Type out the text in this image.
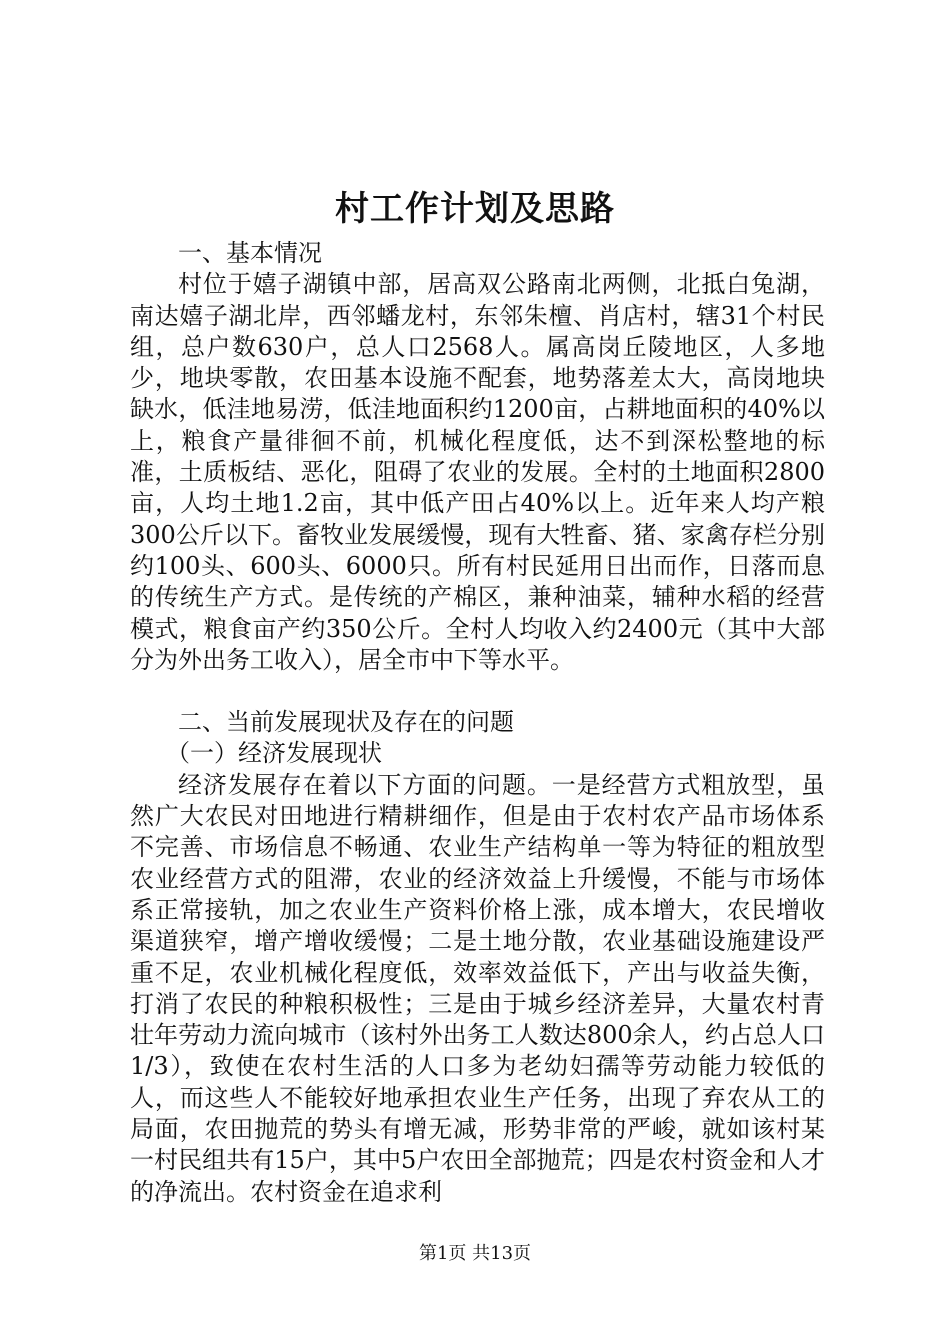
村工作计划及思路

一、基本情况

村位于嬉子湖镇中部，居高双公路南北两侧，北抵白兔湖，南达嬉子湖北岸，西邻蟠龙村，东邻朱檀、肖店村，辖31个村民组，总户数630户，总人口2568人。属高岗丘陵地区，人多地少，地块零散，农田基本设施不配套，地势落差太大，高岗地块缺水，低洼地易涝，低洼地面积约1200亩，占耕地面积的40%以上，粮食产量徘徊不前，机械化程度低，达不到深松整地的标准，土质板结、恶化，阻碍了农业的发展。全村的土地面积2800亩，人均土地1.2亩，其中低产田占40%以上。近年来人均产粮300公斤以下。畜牧业发展缓慢，现有大牲畜、猪、家禽存栏分别约100头、600头、6000只。所有村民延用日出而作，日落而息的传统生产方式。是传统的产棉区，兼种油菜，辅种水稻的经营模式，粮食亩产约350公斤。全村人均收入约2400元（其中大部分为外出务工收入），居全市中下等水平。

二、当前发展现状及存在的问题

（一）经济发展现状

经济发展存在着以下方面的问题。一是经营方式粗放型，虽然广大农民对田地进行精耕细作，但是由于农村农产品市场体系不完善、市场信息不畅通、农业生产结构单一等为特征的粗放型农业经营方式的阻滞，农业的经济效益上升缓慢，不能与市场体系正常接轨，加之农业生产资料价格上涨，成本增大，农民增收渠道狭窄，增产增收缓慢；二是土地分散，农业基础设施建设严重不足，农业机械化程度低，效率效益低下，产出与收益失衡，打消了农民的种粮积极性；三是由于城乡经济差异，大量农村青壮年劳动力流向城市（该村外出务工人数达800余人，约占总人口1/3），致使在农村生活的人口多为老幼妇孺等劳动能力较低的人，而这些人不能较好地承担农业生产任务，出现了弃农从工的局面，农田抛荒的势头有增无减，形势非常的严峻，就如该村某一村民组共有15户，其中5户农田全部抛荒；四是农村资金和人才的净流出。农村资金在追求利

第1页 共13页
